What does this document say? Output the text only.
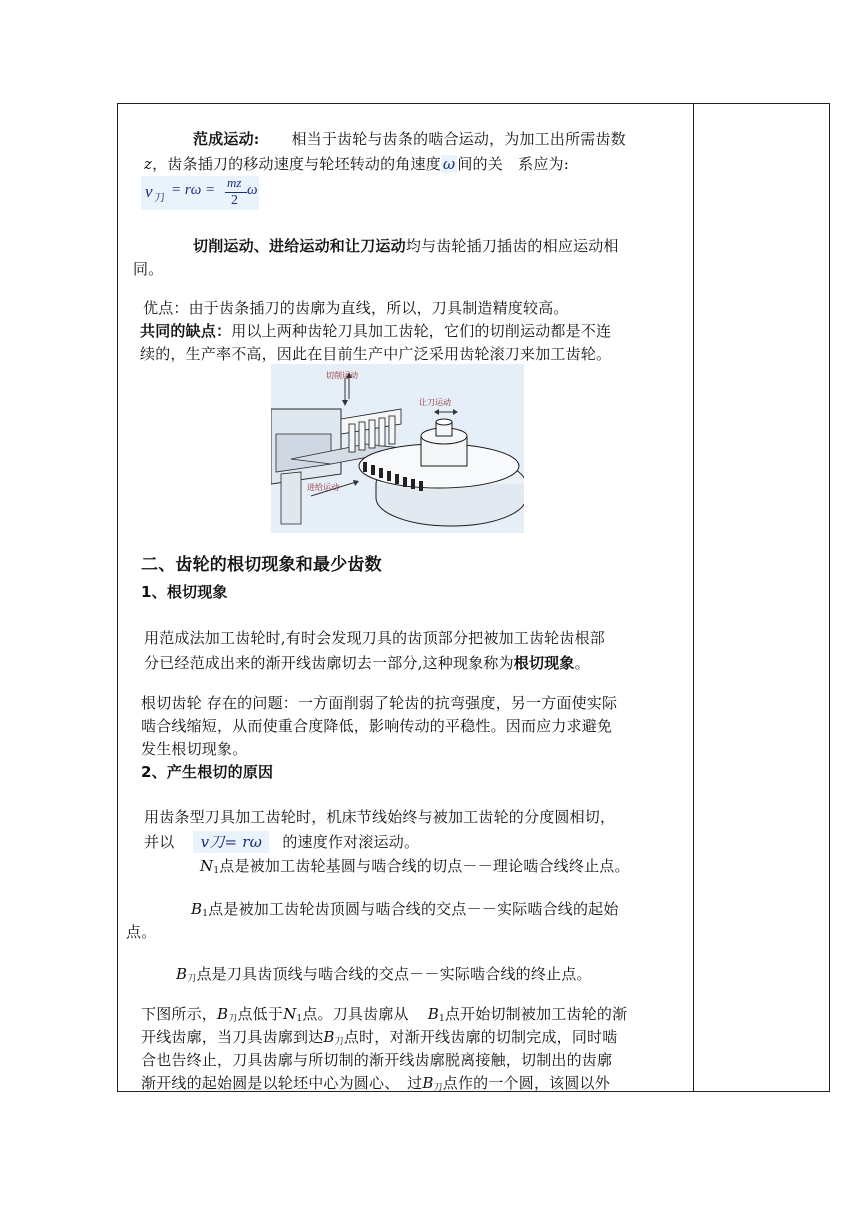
范成运动: 相当于齿轮与齿条的啮合运动，为加工出所需齿数
z，齿条插刀的移动速度与轮坯转动的角速度 ω 间的关　系应为:
v 刀 = rω = mz
2
ω
切削运动、进给运动和让刀运动均与齿轮插刀插齿的相应运动相
同。
优点：由于齿条插刀的齿廓为直线，所以，刀具制造精度较高。
共同的缺点：用以上两种齿轮刀具加工齿轮，它们的切削运动都是不连
续的，生产率不高，因此在目前生产中广泛采用齿轮滚刀来加工齿轮。
切削运动
让刀运动
进给运动
二、齿轮的根切现象和最少齿数
1、根切现象
用范成法加工齿轮时,有时会发现刀具的齿顶部分把被加工齿轮齿根部
分已经范成出来的渐开线齿廓切去一部分,这种现象称为根切现象。
根切齿轮 存在的问题：一方面削弱了轮齿的抗弯强度，另一方面使实际
啮合线缩短，从而使重合度降低，影响传动的平稳性。因而应力求避免
发生根切现象。
2、产生根切的原因
用齿条型刀具加工齿轮时，机床节线始终与被加工齿轮的分度圆相切，
并以 v刀= rω 的速度作对滚运动。
$N_1$点是被加工齿轮基圆与啮合线的切点－－理论啮合线终止点。
$B_1$点是被加工齿轮齿顶圆与啮合线的交点－－实际啮合线的起始
点。
$B_刀$点是刀具齿顶线与啮合线的交点－－实际啮合线的终止点。
下图所示，$B_刀$点低于$N_1$点。刀具齿廓从 $B_1$点开始切制被加工齿轮的渐
开线齿廓，当刀具齿廓到达$B_刀$点时，对渐开线齿廓的切制完成，同时啮
合也告终止，刀具齿廓与所切制的渐开线齿廓脱离接触，切制出的齿廓
渐开线的起始圆是以轮坯中心为圆心、　过$B_刀$点作的一个圆，该圆以外
